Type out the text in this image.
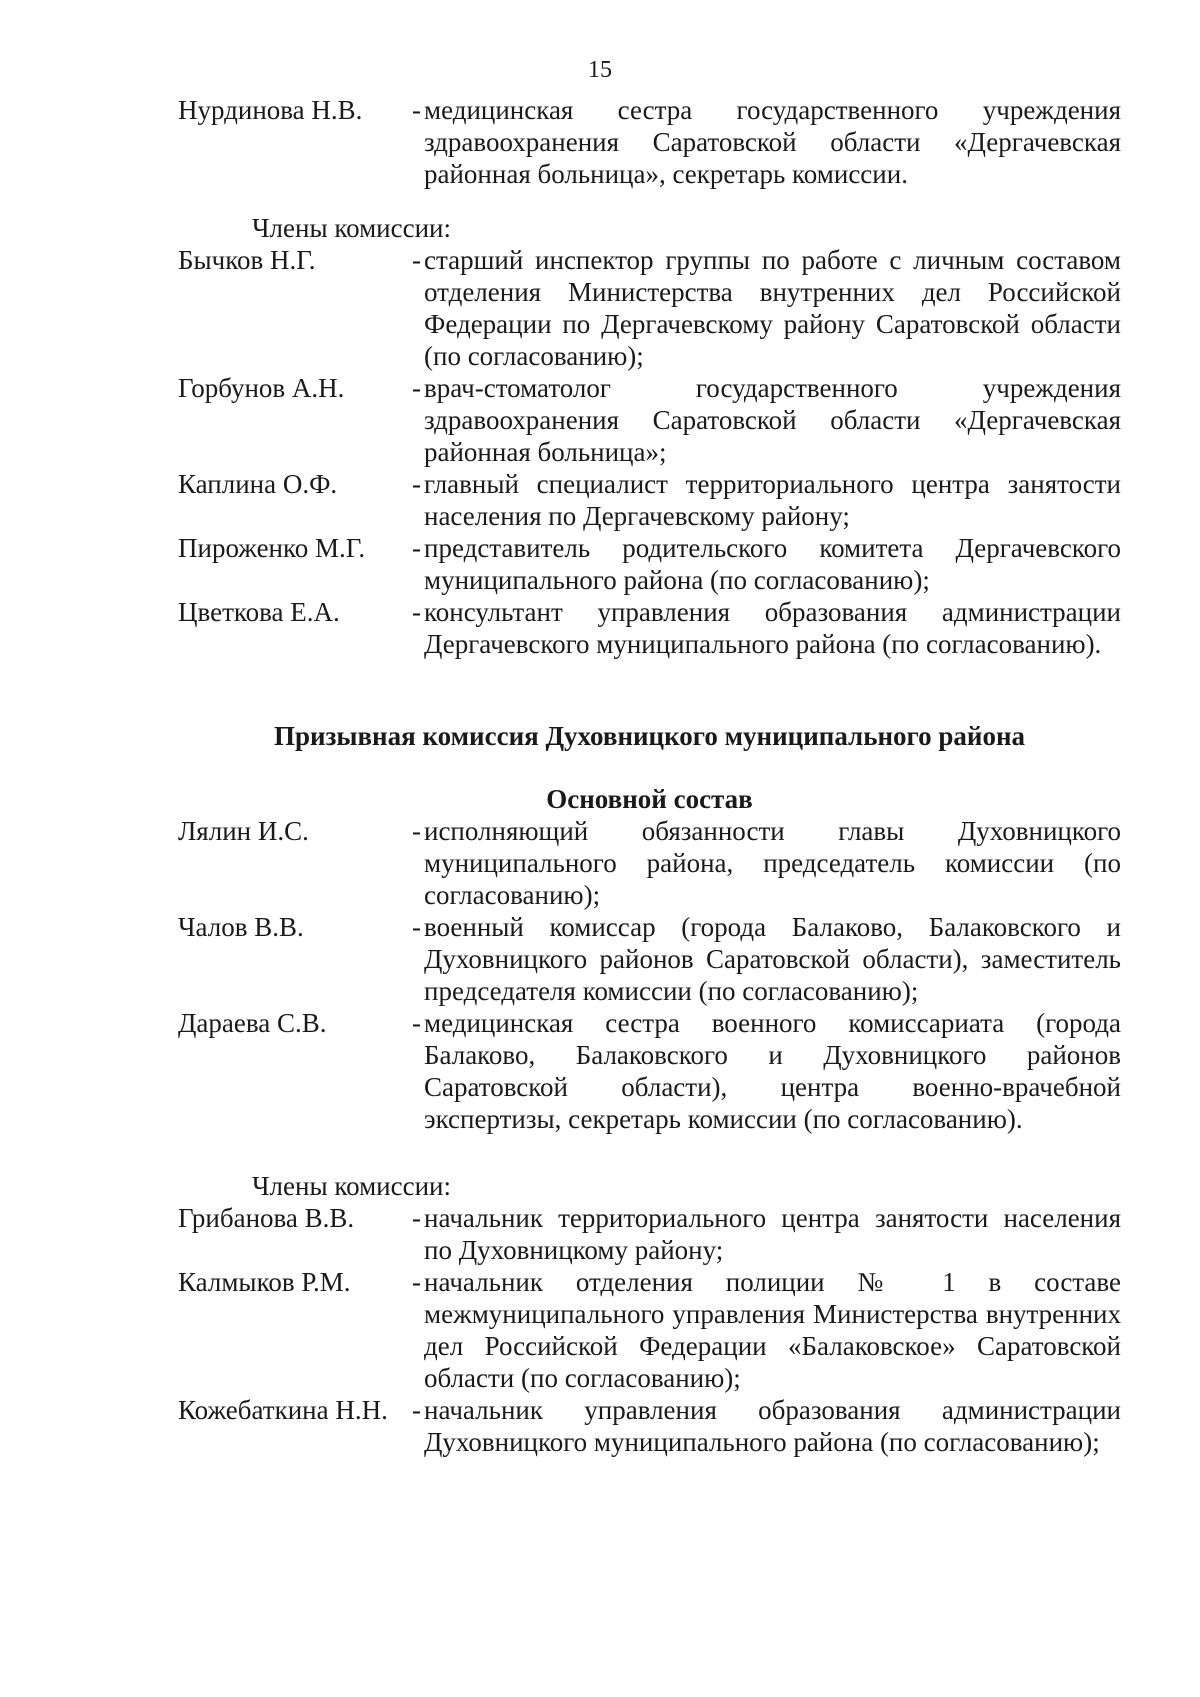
15
Нурдинова Н.В. - медицинская сестра государственного учреждения здравоохранения Саратовской области «Дергачевская районная больница», секретарь комиссии.
Члены комиссии:
Бычков Н.Г.	- старший инспектор группы по работе с личным составом отделения Министерства внутренних дел Российской Федерации по Дергачевскому району Саратовской области (по согласованию);
Горбунов А.Н.	- врач-стоматолог государственного учреждения здравоохранения Саратовской области «Дергачевская районная больница»;
Каплина О.Ф.	- главный специалист территориального центра занятости населения по Дергачевскому району;
Пироженко М.Г. - представитель родительского комитета Дергачевского муниципального района (по согласованию);
Цветкова Е.А.	- консультант управления образования администрации Дергачевского муниципального района (по согласованию).
Призывная комиссия Духовницкого муниципального района
Основной состав
Лялин И.С.	- исполняющий обязанности главы Духовницкого муниципального района, председатель комиссии (по согласованию);
Чалов В.В.	- военный комиссар (города Балаково, Балаковского и Духовницкого районов Саратовской области), заместитель председателя комиссии (по согласованию);
Дараева С.В.	- медицинская сестра военного комиссариата (города Балаково, Балаковского и Духовницкого районов Саратовской области), центра военно-врачебной экспертизы, секретарь комиссии (по согласованию).
Члены комиссии:
Грибанова В.В.	- начальник территориального центра занятости населения по Духовницкому району;
Калмыков Р.М.	- начальник отделения полиции № 1 в составе межмуниципального управления Министерства внутренних дел Российской Федерации «Балаковское» Саратовской области (по согласованию);
Кожебаткина Н.Н. - начальник управления образования администрации Духовницкого муниципального района (по согласованию);
